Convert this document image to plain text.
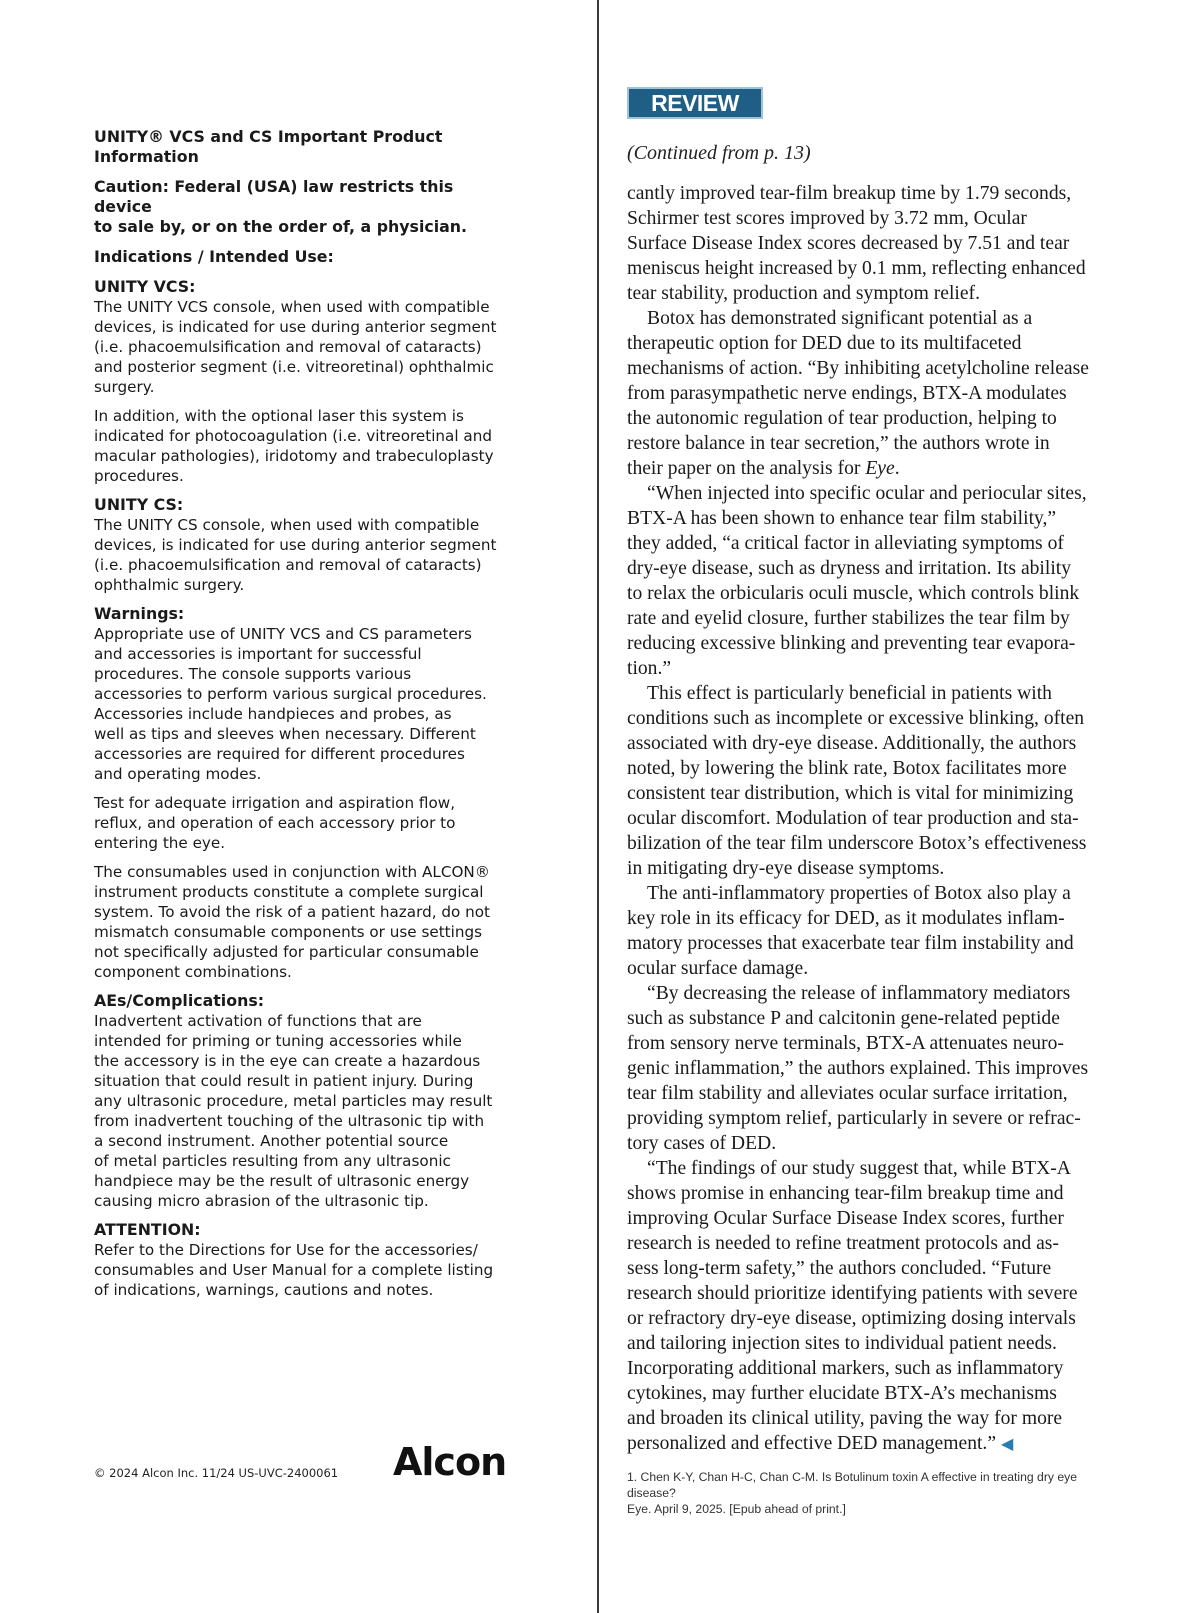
UNITY® VCS and CS Important Product
Information

Caution: Federal (USA) law restricts this device
to sale by, or on the order of, a physician.

Indications / Intended Use:

UNITY VCS:

The UNITY VCS console, when used with compatible
devices, is indicated for use during anterior segment
(i.e. phacoemulsification and removal of cataracts)
and posterior segment (i.e. vitreoretinal) ophthalmic
surgery.

In addition, with the optional laser this system is
indicated for photocoagulation (i.e. vitreoretinal and
macular pathologies), iridotomy and trabeculoplasty
procedures.

UNITY CS:

The UNITY CS console, when used with compatible
devices, is indicated for use during anterior segment
(i.e. phacoemulsification and removal of cataracts)
ophthalmic surgery.

Warnings:

Appropriate use of UNITY VCS and CS parameters
and accessories is important for successful
procedures. The console supports various
accessories to perform various surgical procedures.
Accessories include handpieces and probes, as
well as tips and sleeves when necessary. Different
accessories are required for different procedures
and operating modes.

Test for adequate irrigation and aspiration flow,
reflux, and operation of each accessory prior to
entering the eye.

The consumables used in conjunction with ALCON®
instrument products constitute a complete surgical
system. To avoid the risk of a patient hazard, do not
mismatch consumable components or use settings
not specifically adjusted for particular consumable
component combinations.

AEs/Complications:

Inadvertent activation of functions that are
intended for priming or tuning accessories while
the accessory is in the eye can create a hazardous
situation that could result in patient injury. During
any ultrasonic procedure, metal particles may result
from inadvertent touching of the ultrasonic tip with
a second instrument. Another potential source
of metal particles resulting from any ultrasonic
handpiece may be the result of ultrasonic energy
causing micro abrasion of the ultrasonic tip.

ATTENTION:

Refer to the Directions for Use for the accessories/
consumables and User Manual for a complete listing
of indications, warnings, cautions and notes.

© 2024 Alcon Inc. 11/24 US-UVC-2400061 Alcon
REVIEW NEWS
(Continued from p. 13)

cantly improved tear-film breakup time by 1.79 seconds,
Schirmer test scores improved by 3.72 mm, Ocular
Surface Disease Index scores decreased by 7.51 and tear
meniscus height increased by 0.1 mm, reflecting enhanced
tear stability, production and symptom relief.

Botox has demonstrated significant potential as a
therapeutic option for DED due to its multifaceted
mechanisms of action. “By inhibiting acetylcholine release
from parasympathetic nerve endings, BTX-A modulates
the autonomic regulation of tear production, helping to
restore balance in tear secretion,” the authors wrote in
their paper on the analysis for Eye.

“When injected into specific ocular and periocular sites,
BTX-A has been shown to enhance tear film stability,”
they added, “a critical factor in alleviating symptoms of
dry-eye disease, such as dryness and irritation. Its ability
to relax the orbicularis oculi muscle, which controls blink
rate and eyelid closure, further stabilizes the tear film by
reducing excessive blinking and preventing tear evapora-
tion.”

This effect is particularly beneficial in patients with
conditions such as incomplete or excessive blinking, often
associated with dry-eye disease. Additionally, the authors
noted, by lowering the blink rate, Botox facilitates more
consistent tear distribution, which is vital for minimizing
ocular discomfort. Modulation of tear production and sta-
bilization of the tear film underscore Botox’s effectiveness
in mitigating dry-eye disease symptoms.

The anti-inflammatory properties of Botox also play a
key role in its efficacy for DED, as it modulates inflam-
matory processes that exacerbate tear film instability and
ocular surface damage.

“By decreasing the release of inflammatory mediators
such as substance P and calcitonin gene-related peptide
from sensory nerve terminals, BTX-A attenuates neuro-
genic inflammation,” the authors explained. This improves
tear film stability and alleviates ocular surface irritation,
providing symptom relief, particularly in severe or refrac-
tory cases of DED.

“The findings of our study suggest that, while BTX-A
shows promise in enhancing tear-film breakup time and
improving Ocular Surface Disease Index scores, further
research is needed to refine treatment protocols and as-
sess long-term safety,” the authors concluded. “Future
research should prioritize identifying patients with severe
or refractory dry-eye disease, optimizing dosing intervals
and tailoring injection sites to individual patient needs.
Incorporating additional markers, such as inflammatory
cytokines, may further elucidate BTX-A’s mechanisms
and broaden its clinical utility, paving the way for more
personalized and effective DED management.” ◀

1. Chen K-Y, Chan H-C, Chan C-M. Is Botulinum toxin A effective in treating dry eye disease?
Eye. April 9, 2025. [Epub ahead of print.]
